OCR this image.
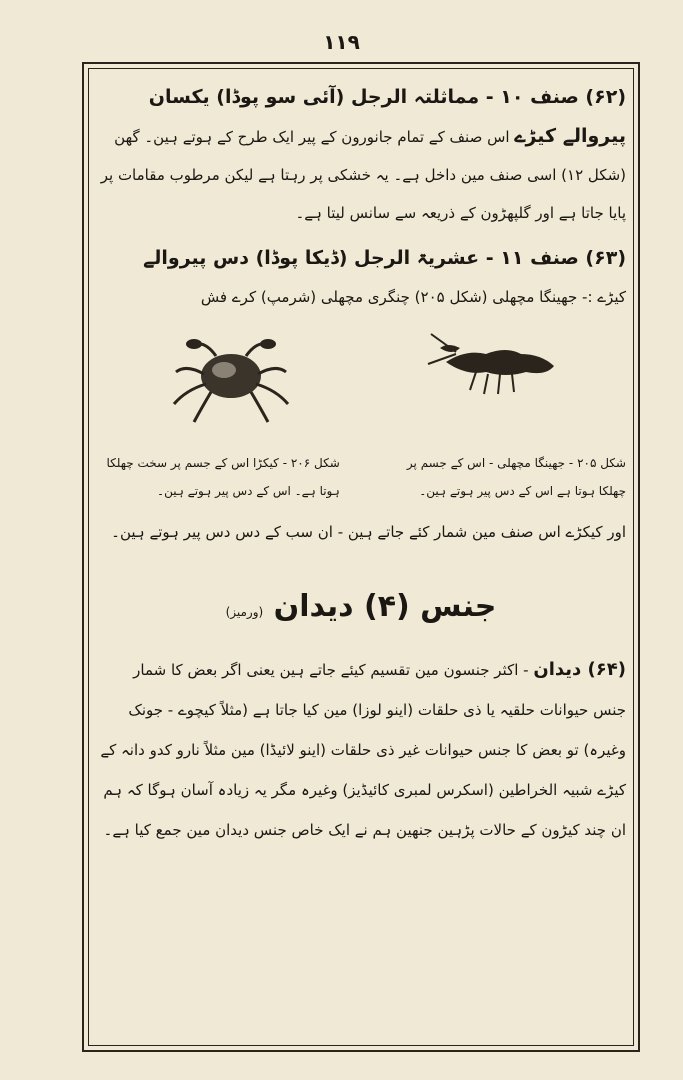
۱۱۹

(۶۲) صنف ۱۰ - مماثلتہ الرجل (آئی سو پوڈا) یکسان پیروالے کیڑے اس صنف کے تمام جانورون کے پیر ایک طرح کے ہوتے ہین۔ گھن (شکل ۱۲) اسی صنف مین داخل ہے۔ یہ خشکی پر رہتا ہے لیکن مرطوب مقامات پر پایا جاتا ہے اور گلپھڑون کے ذریعہ سے سانس لیتا ہے۔

(۶۳) صنف ۱۱ - عشریۃ الرجل (ڈیکا پوڈا) دس پیروالے

کیڑے :- جھینگا مچھلی (شکل ۲۰۵) چنگری مچھلی (شرمپ) کرے فش

شکل ۲۰۵ - جھینگا مچھلی - اس کے جسم پر چھلکا ہوتا ہے اس کے دس پیر ہوتے ہین۔

شکل ۲۰۶ - کیکڑا اس کے جسم پر سخت چھلکا ہوتا ہے۔ اس کے دس پیر ہوتے ہین۔

اور کیکڑے اس صنف مین شمار کئے جاتے ہین - ان سب کے دس دس پیر ہوتے ہین۔

جنس (۴) دیدان (ورمیز)

(۶۴) دیدان - اکثر جنسون مین تقسیم کیئے جاتے ہین یعنی اگر بعض کا شمار جنس حیوانات حلقیہ یا ذی حلقات (اینو لوزا) مین کیا جاتا ہے (مثلاً کیچوے - جونک وغیرہ) تو بعض کا جنس حیوانات غیر ذی حلقات (اینو لائیڈا) مین مثلاً نارو کدو دانہ کے کیڑے شبیہ الخراطین (اسکرس لمبری کائیڈیز) وغیرہ مگر یہ زیادہ آسان ہوگا کہ ہم ان چند کیڑون کے حالات پڑہین جنھین ہم نے ایک خاص جنس دیدان مین جمع کیا ہے۔
